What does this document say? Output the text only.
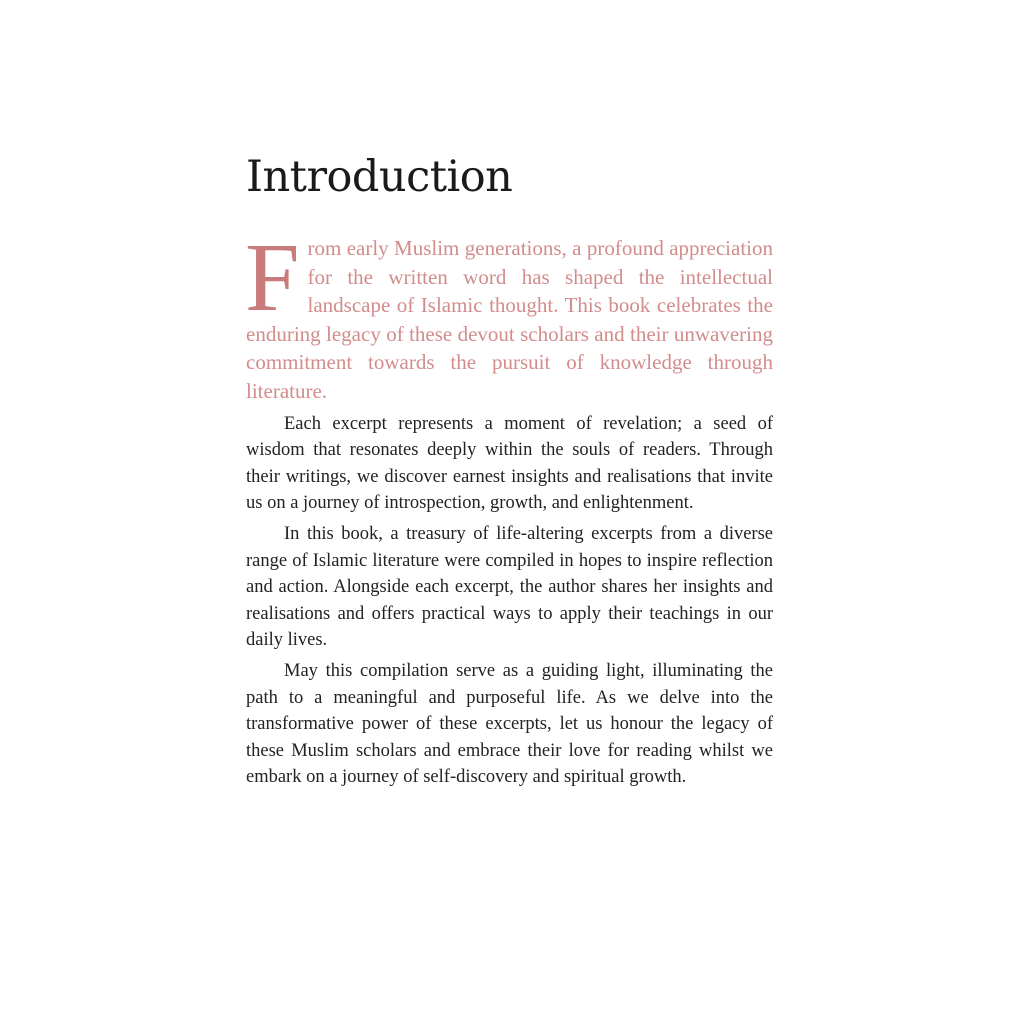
Introduction

From early Muslim generations, a profound appreciation for the written word has shaped the intellectual landscape of Islamic thought. This book celebrates the enduring legacy of these devout scholars and their unwavering commitment towards the pursuit of knowledge through literature.

Each excerpt represents a moment of revelation; a seed of wisdom that resonates deeply within the souls of readers. Through their writings, we discover earnest insights and realisations that invite us on a journey of introspection, growth, and enlightenment.

In this book, a treasury of life-altering excerpts from a diverse range of Islamic literature were compiled in hopes to inspire reflection and action. Alongside each excerpt, the author shares her insights and realisations and offers practical ways to apply their teachings in our daily lives.

May this compilation serve as a guiding light, illuminating the path to a meaningful and purposeful life. As we delve into the transformative power of these excerpts, let us honour the legacy of these Muslim scholars and embrace their love for reading whilst we embark on a journey of self-discovery and spiritual growth.
